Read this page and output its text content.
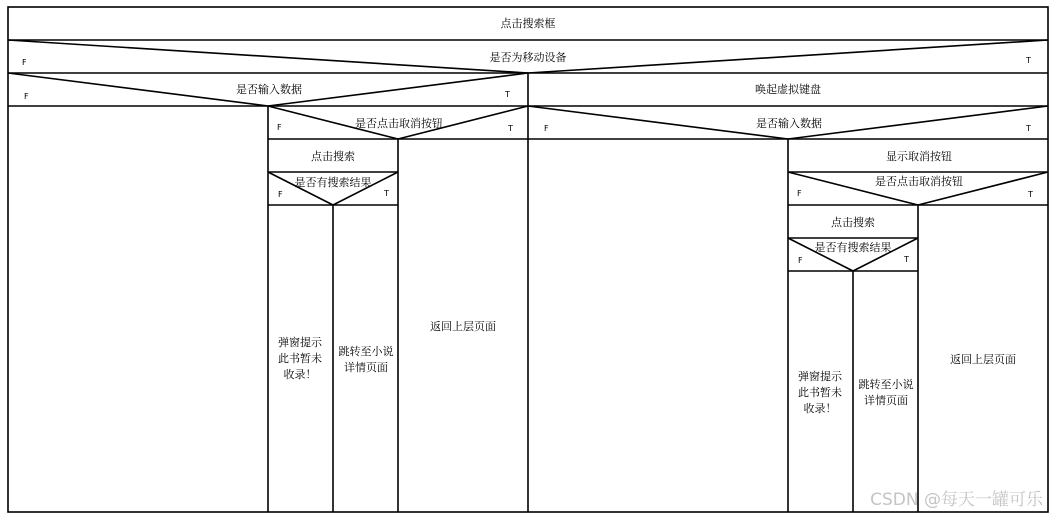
点击搜索框
是否为移动设备
F	T
是否输入数据
F	T
是否点击取消按钮
F	T
点击搜索
是否有搜索结果
F	T
弹窗提示
此书暂未
收录！
跳转至小说
详情页面
返回上层页面
唤起虚拟键盘
是否输入数据
F	T
显示取消按钮
是否点击取消按钮
F	T
点击搜索
是否有搜索结果
F	T
弹窗提示
此书暂未
收录！
跳转至小说
详情页面
返回上层页面
CSDN @每天一罐可乐
